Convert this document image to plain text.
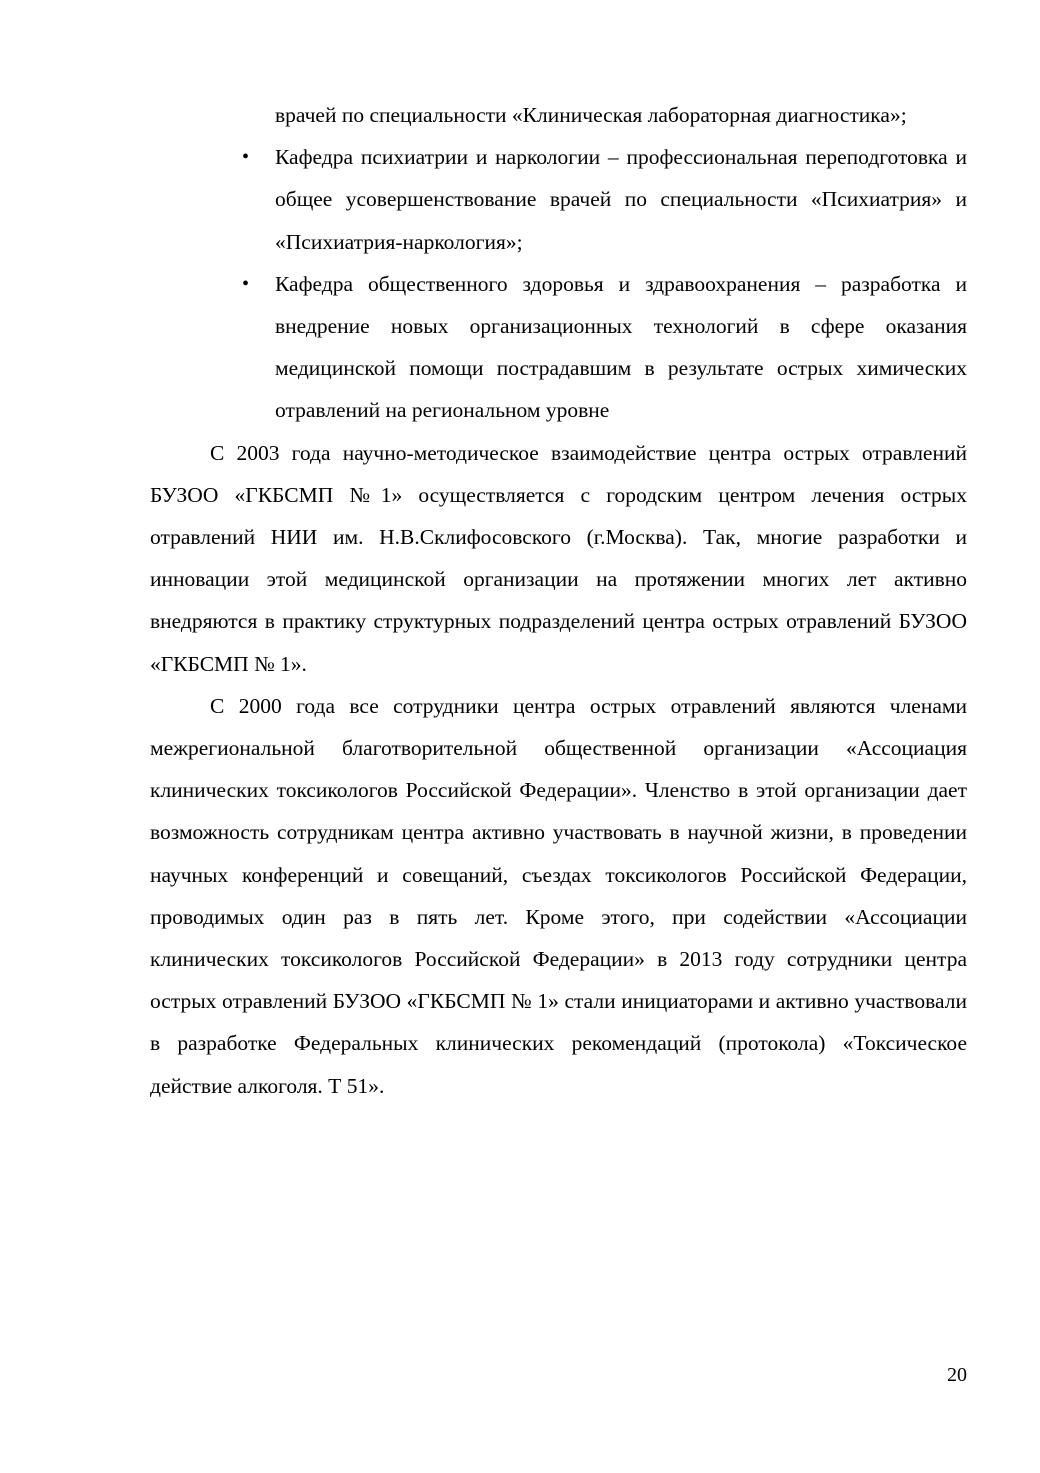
врачей по специальности «Клиническая лабораторная диагностика»;
• Кафедра психиатрии и наркологии – профессиональная переподготовка и общее усовершенствование врачей по специальности «Психиатрия» и «Психиатрия-наркология»;
• Кафедра общественного здоровья и здравоохранения – разработка и внедрение новых организационных технологий в сфере оказания медицинской помощи пострадавшим в результате острых химических отравлений на региональном уровне

С 2003 года научно-методическое взаимодействие центра острых отравлений БУЗОО «ГКБСМП №1» осуществляется с городским центром лечения острых отравлений НИИ им. Н.В.Склифосовского (г.Москва). Так, многие разработки и инновации этой медицинской организации на протяжении многих лет активно внедряются в практику структурных подразделений центра острых отравлений БУЗОО «ГКБСМП № 1».

С 2000 года все сотрудники центра острых отравлений являются членами межрегиональной благотворительной общественной организации «Ассоциация клинических токсикологов Российской Федерации». Членство в этой организации дает возможность сотрудникам центра активно участвовать в научной жизни, в проведении научных конференций и совещаний, съездах токсикологов Российской Федерации, проводимых один раз в пять лет. Кроме этого, при содействии «Ассоциации клинических токсикологов Российской Федерации» в 2013 году сотрудники центра острых отравлений БУЗОО «ГКБСМП № 1» стали инициаторами и активно участвовали в разработке Федеральных клинических рекомендаций (протокола) «Токсическое действие алкоголя. Т 51».

20
